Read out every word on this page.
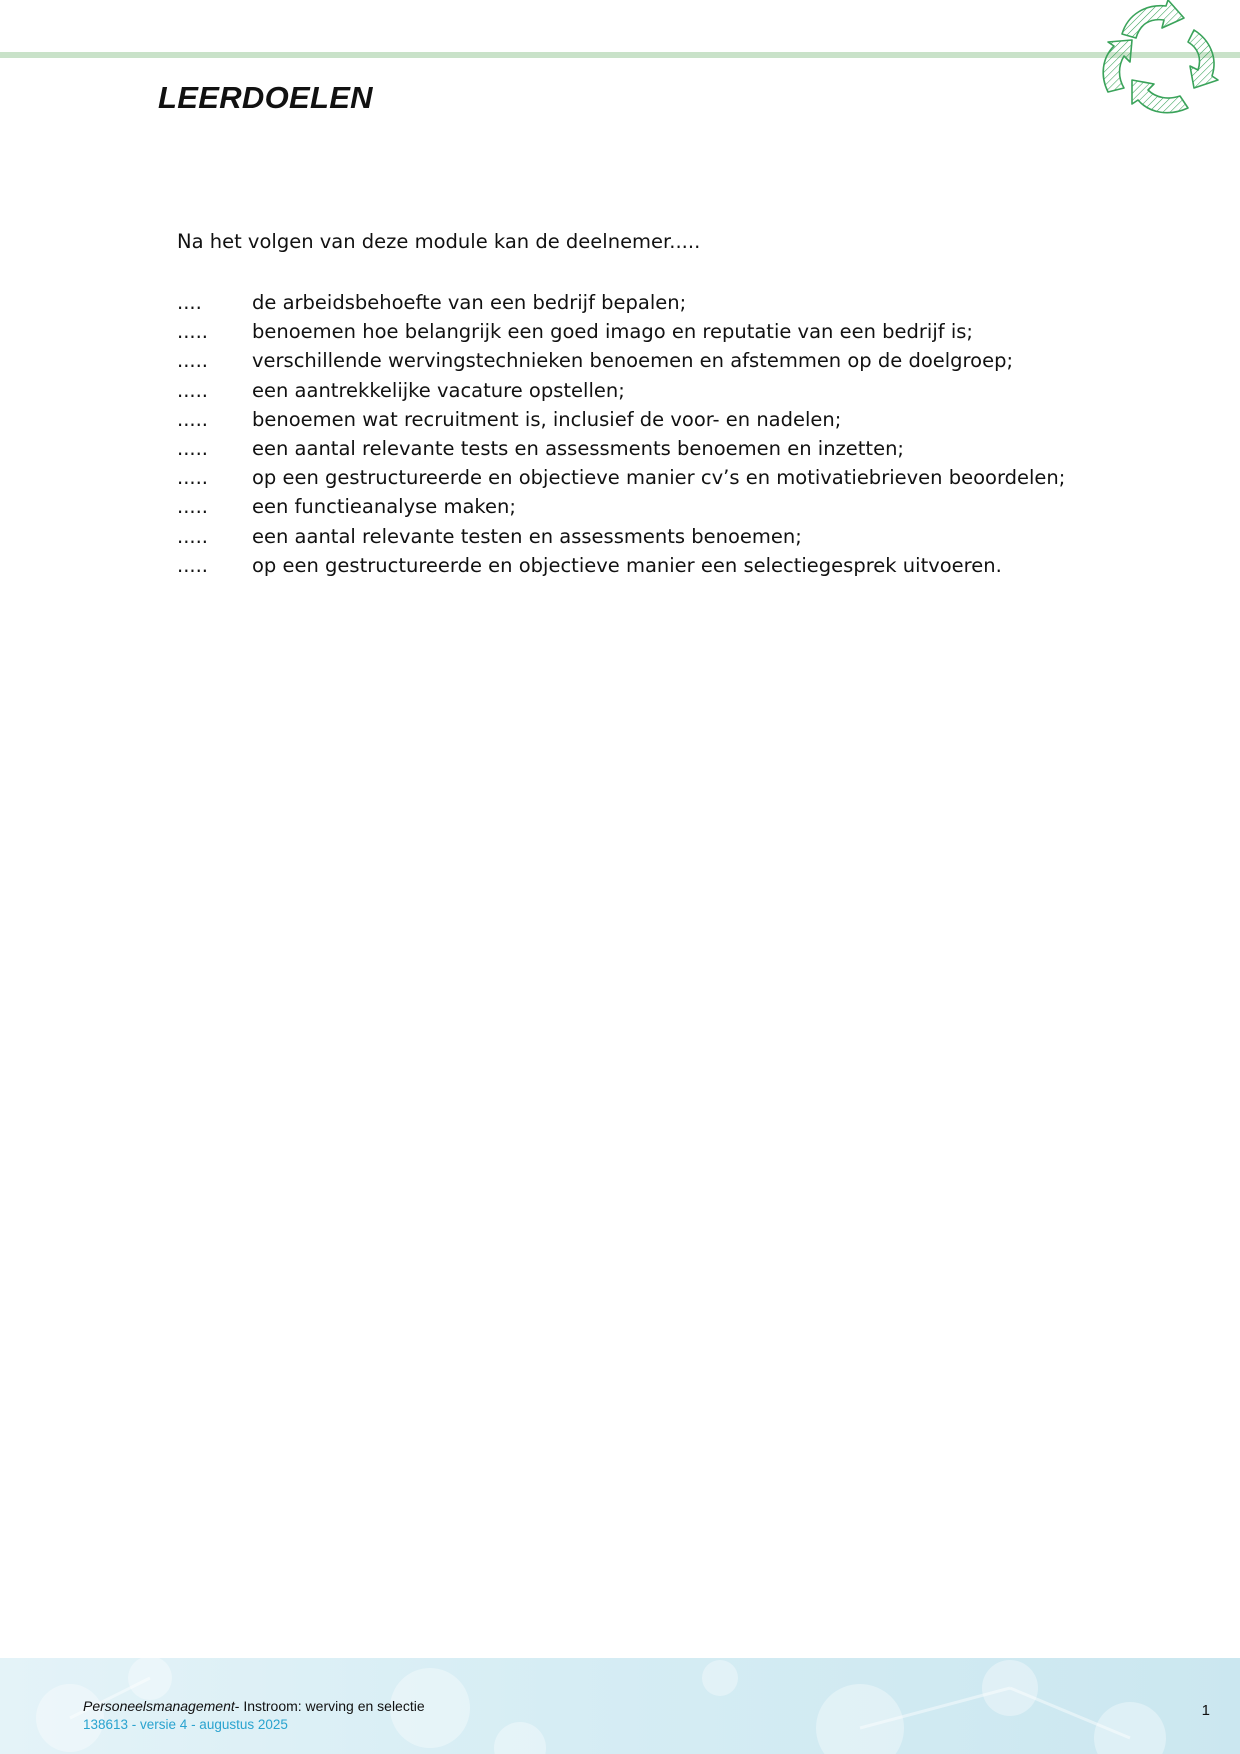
LEERDOELEN

Na het volgen van deze module kan de deelnemer.....

....	de arbeidsbehoefte van een bedrijf bepalen;
.....	benoemen hoe belangrijk een goed imago en reputatie van een bedrijf is;
.....	verschillende wervingstechnieken benoemen en afstemmen op de doelgroep;
.....	een aantrekkelijke vacature opstellen;
.....	benoemen wat recruitment is, inclusief de voor- en nadelen;
.....	een aantal relevante tests en assessments benoemen en inzetten;
.....	op een gestructureerde en objectieve manier cv’s en motivatiebrieven beoordelen;
.....	een functieanalyse maken;
.....	een aantal relevante testen en assessments benoemen;
.....	op een gestructureerde en objectieve manier een selectiegesprek uitvoeren.
Personeelsmanagement- Instroom: werving en selectie
138613 - versie 4 - augustus 2025
1
